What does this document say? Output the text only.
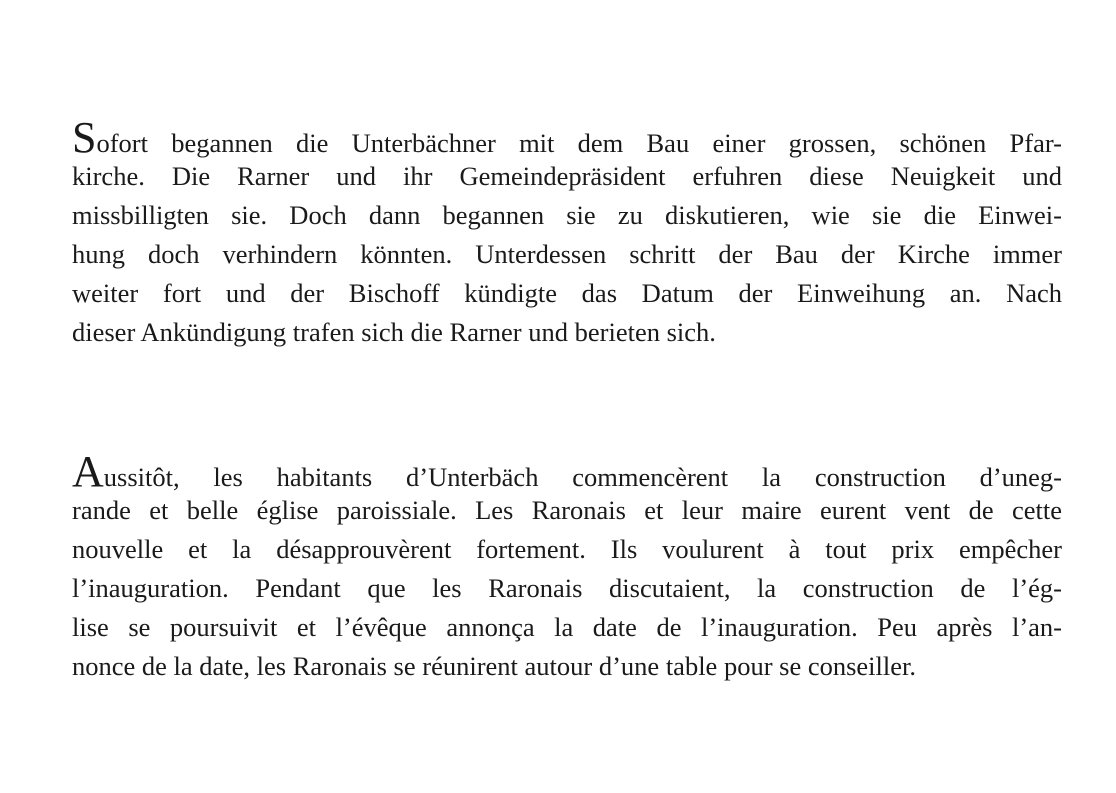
Sofort begannen die Unterbächner mit dem Bau einer grossen, schönen Pfar-
kirche. Die Rarner und ihr Gemeindepräsident erfuhren diese Neuigkeit und
missbilligten sie. Doch dann begannen sie zu diskutieren, wie sie die Einwei-
hung doch verhindern könnten. Unterdessen schritt der Bau der Kirche immer
weiter fort und der Bischoff kündigte das Datum der Einweihung an. Nach
dieser Ankündigung trafen sich die Rarner und berieten sich.
Aussitôt, les habitants d’Unterbäch commencèrent la construction d’uneg-
rande et belle église paroissiale. Les Raronais et leur maire eurent vent de cette
nouvelle et la désapprouvèrent fortement. Ils voulurent à tout prix empêcher
l’inauguration. Pendant que les Raronais discutaient, la construction de l’ég-
lise se poursuivit et l’évêque annonça la date de l’inauguration. Peu après l’an-
nonce de la date, les Raronais se réunirent autour d’une table pour se conseiller.
